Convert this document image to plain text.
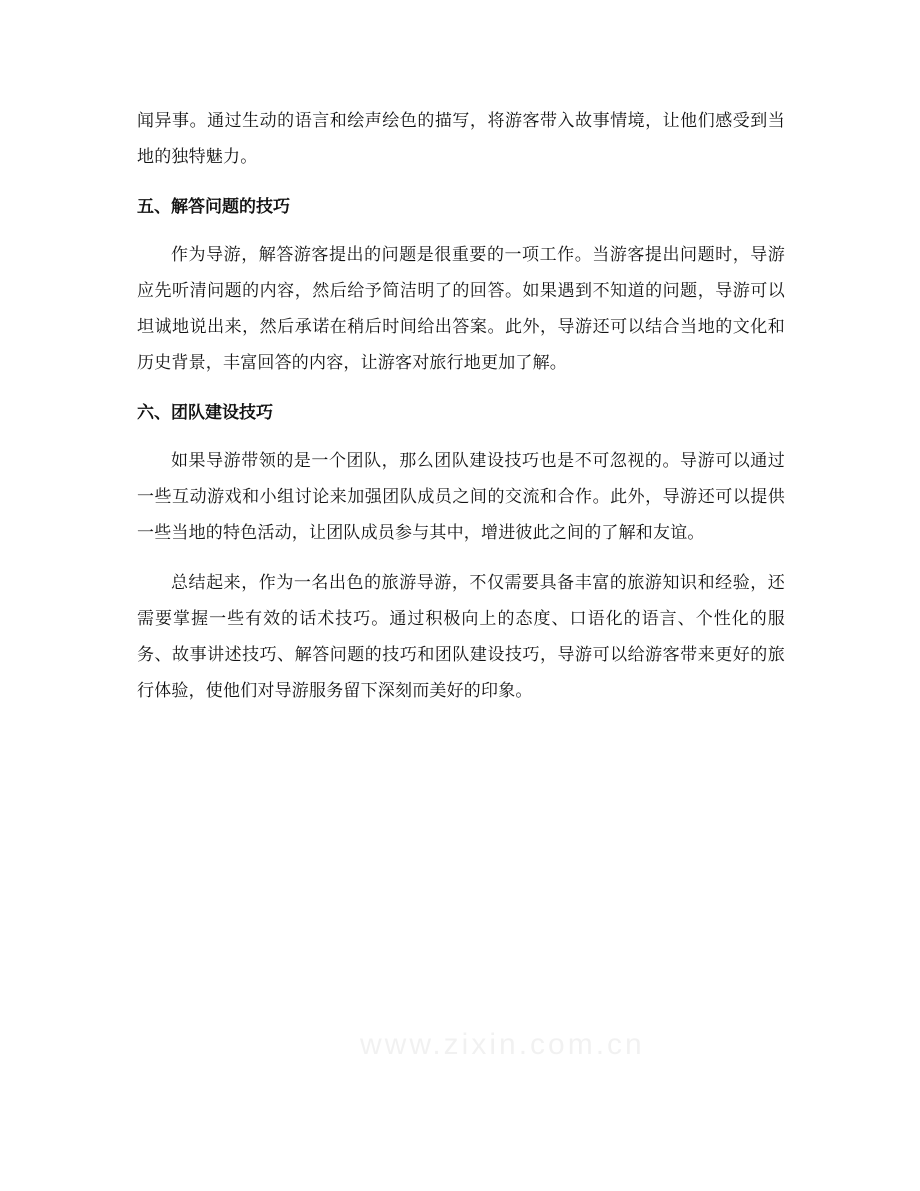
闻异事。通过生动的语言和绘声绘色的描写，将游客带入故事情境，让他们感受到当地的独特魅力。

五、解答问题的技巧

作为导游，解答游客提出的问题是很重要的一项工作。当游客提出问题时，导游应先听清问题的内容，然后给予简洁明了的回答。如果遇到不知道的问题，导游可以坦诚地说出来，然后承诺在稍后时间给出答案。此外，导游还可以结合当地的文化和历史背景，丰富回答的内容，让游客对旅行地更加了解。

六、团队建设技巧

如果导游带领的是一个团队，那么团队建设技巧也是不可忽视的。导游可以通过一些互动游戏和小组讨论来加强团队成员之间的交流和合作。此外，导游还可以提供一些当地的特色活动，让团队成员参与其中，增进彼此之间的了解和友谊。

总结起来，作为一名出色的旅游导游，不仅需要具备丰富的旅游知识和经验，还需要掌握一些有效的话术技巧。通过积极向上的态度、口语化的语言、个性化的服务、故事讲述技巧、解答问题的技巧和团队建设技巧，导游可以给游客带来更好的旅行体验，使他们对导游服务留下深刻而美好的印象。

www.zixin.com.cn
